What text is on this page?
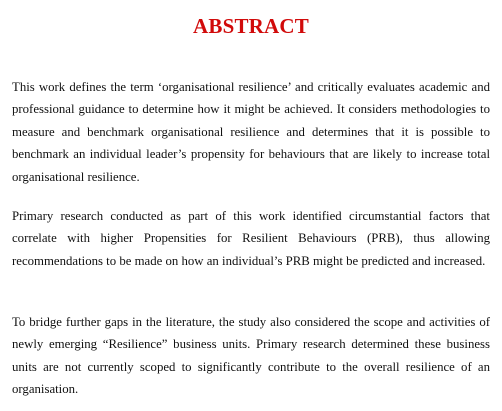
ABSTRACT

This work defines the term ‘organisational resilience’ and critically evaluates academic and professional guidance to determine how it might be achieved. It considers methodologies to measure and benchmark organisational resilience and determines that it is possible to benchmark an individual leader’s propensity for behaviours that are likely to increase total organisational resilience.

Primary research conducted as part of this work identified circumstantial factors that correlate with higher Propensities for Resilient Behaviours (PRB), thus allowing recommendations to be made on how an individual’s PRB might be predicted and increased.

To bridge further gaps in the literature, the study also considered the scope and activities of newly emerging “Resilience” business units. Primary research determined these business units are not currently scoped to significantly contribute to the overall resilience of an organisation.
